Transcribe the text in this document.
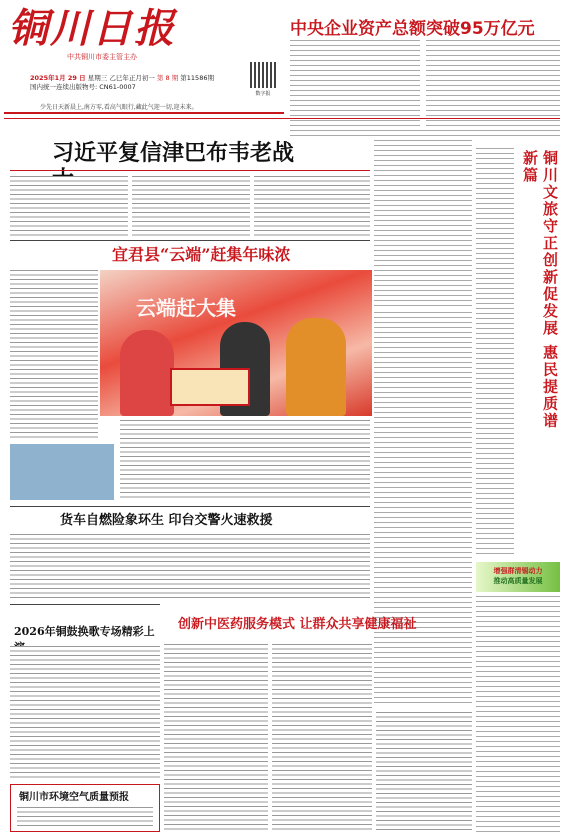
铜川日报
中共铜川市委主管主办
2025年1月 29 日 星期三 乙巳年正月初一 第 8 期 第11586期
国内统一连续出版物号: CN61-0007
数字报
少先日天新晨上,南方零,看高气眼行,藏此气迎一切,迎未来。
中央企业资产总额突破95万亿元
习近平复信津巴布韦老战
宜君县“云端”赶集年味浓
云端赶大集	铜川文旅守正创新促发展 惠民提质谱新篇
增强群清锡动力
推动高质量发展
货车自燃险象环生 印台交警火速救援
2026年铜鼓换歌专场精彩上	创新中医药服务模式 让群众共享健康福祉
铜川市环境空气质量预报
